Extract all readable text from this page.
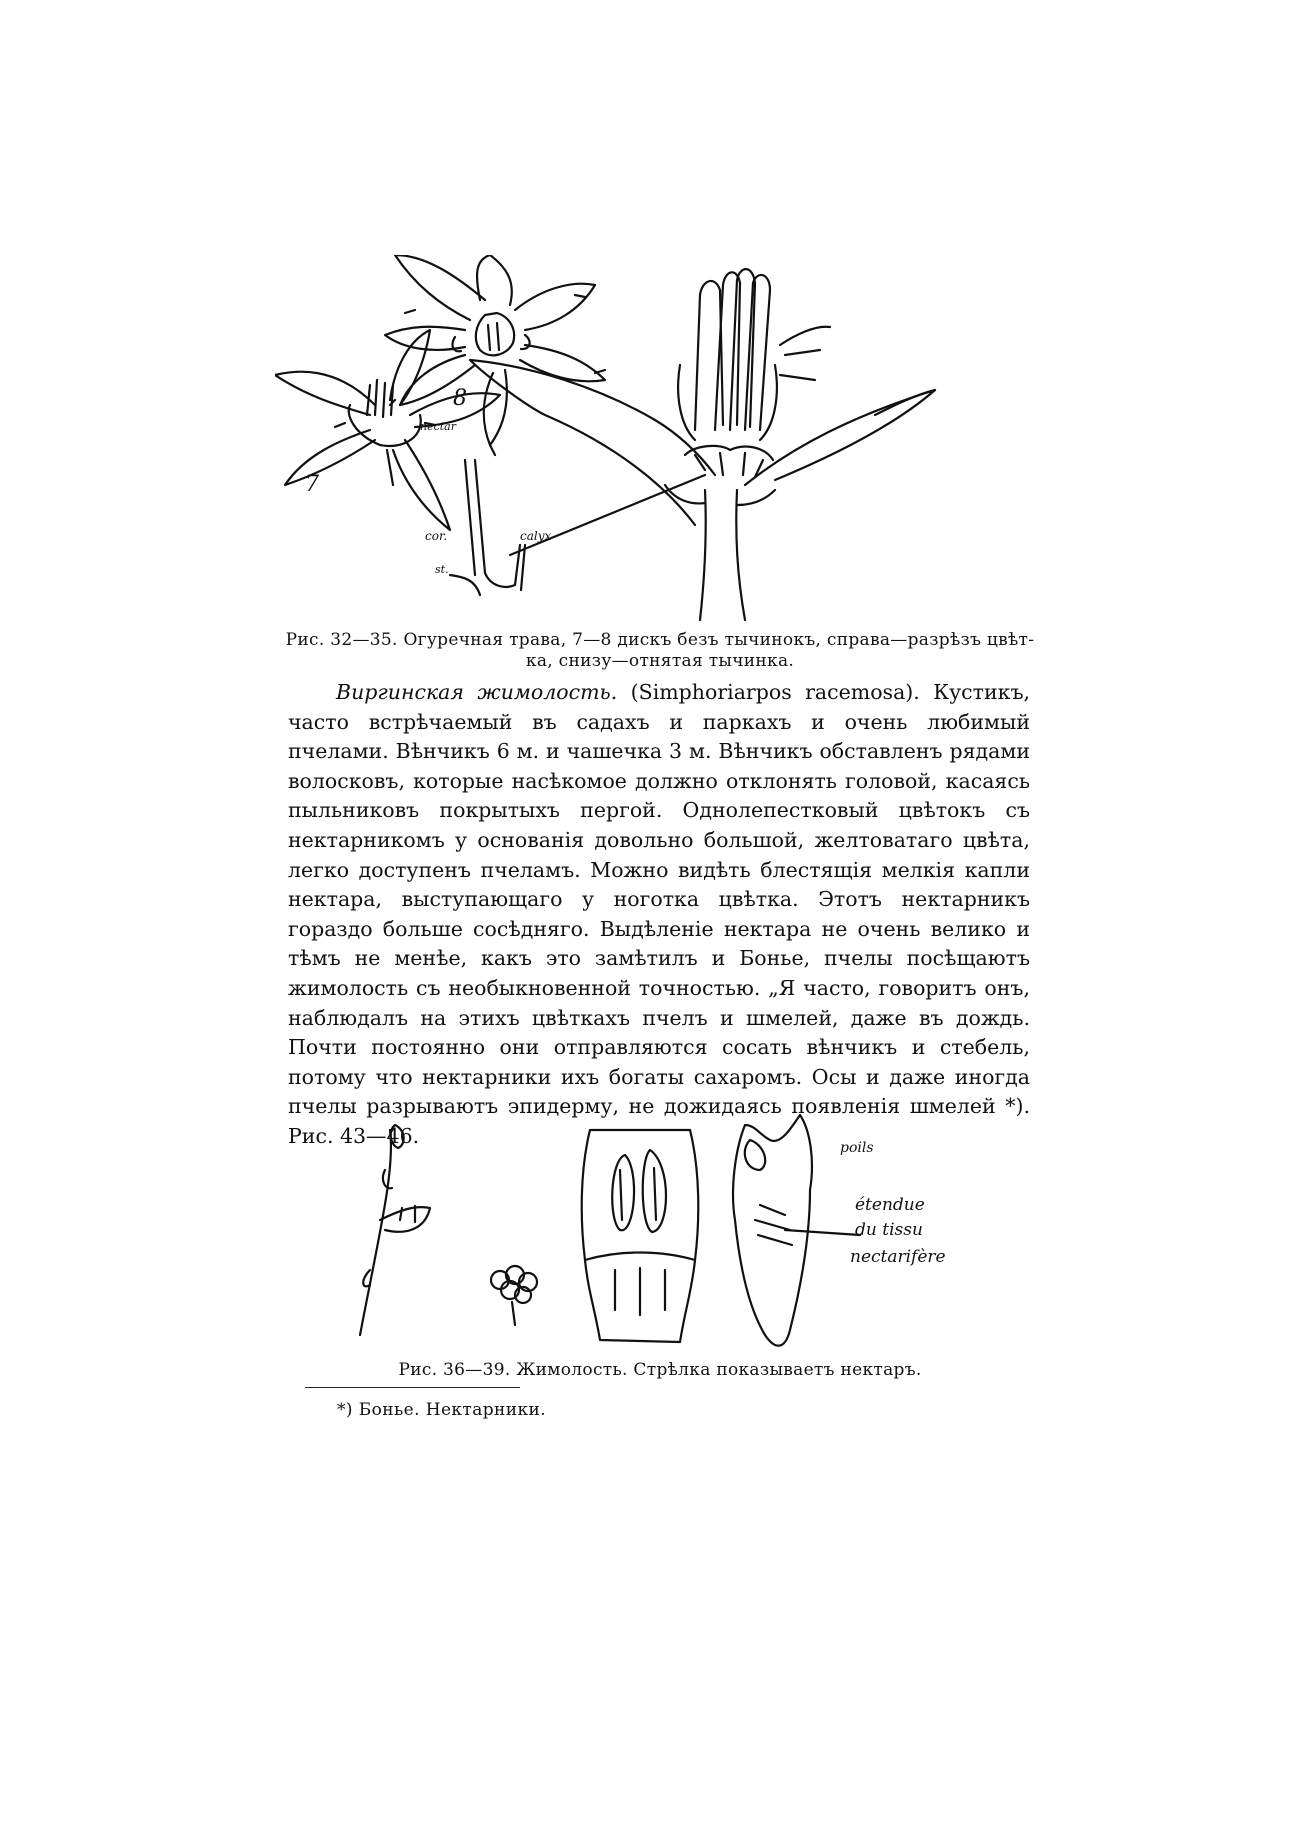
nectar
8
7
cor.	calyx
st.
Рис. 32—35. Огуречная трава, 7—8 дискъ безъ тычинокъ, справа—разрѣзъ цвѣт-
ка, снизу—отнятая тычинка.

Виргинская жимолость. (Simphoriarpos racemosa). Кустикъ, часто встрѣчаемый въ садахъ и паркахъ и очень любимый пчелами. Вѣнчикъ 6 м. и чашечка 3 м. Вѣнчикъ обставленъ рядами волосковъ, которые насѣкомое должно отклонять головой, касаясь пыльниковъ покрытыхъ пергой. Однолепестковый цвѣтокъ съ нектарникомъ у основанія довольно большой, желтоватаго цвѣта, легко доступенъ пчеламъ. Можно видѣть блестящія мелкія капли нектара, выступающаго у ноготка цвѣтка. Этотъ нектарникъ гораздо больше сосѣдняго. Выдѣленіе нектара не очень велико и тѣмъ не менѣе, какъ это замѣтилъ и Бонье, пчелы посѣщаютъ жимолость съ необыкновенной точностью. „Я часто, говоритъ онъ, наблюдалъ на этихъ цвѣткахъ пчелъ и шмелей, даже въ дождь. Почти постоянно они отправляются сосать вѣнчикъ и стебель, потому что нектарники ихъ богаты сахаромъ. Осы и даже иногда пчелы разрываютъ эпидерму, не дожидаясь появленія шмелей *). Рис. 43—46.

poils
étendue
du tissu
nectarifère
Рис. 36—39. Жимолость. Стрѣлка показываетъ нектаръ.
*) Бонье. Нектарники.
